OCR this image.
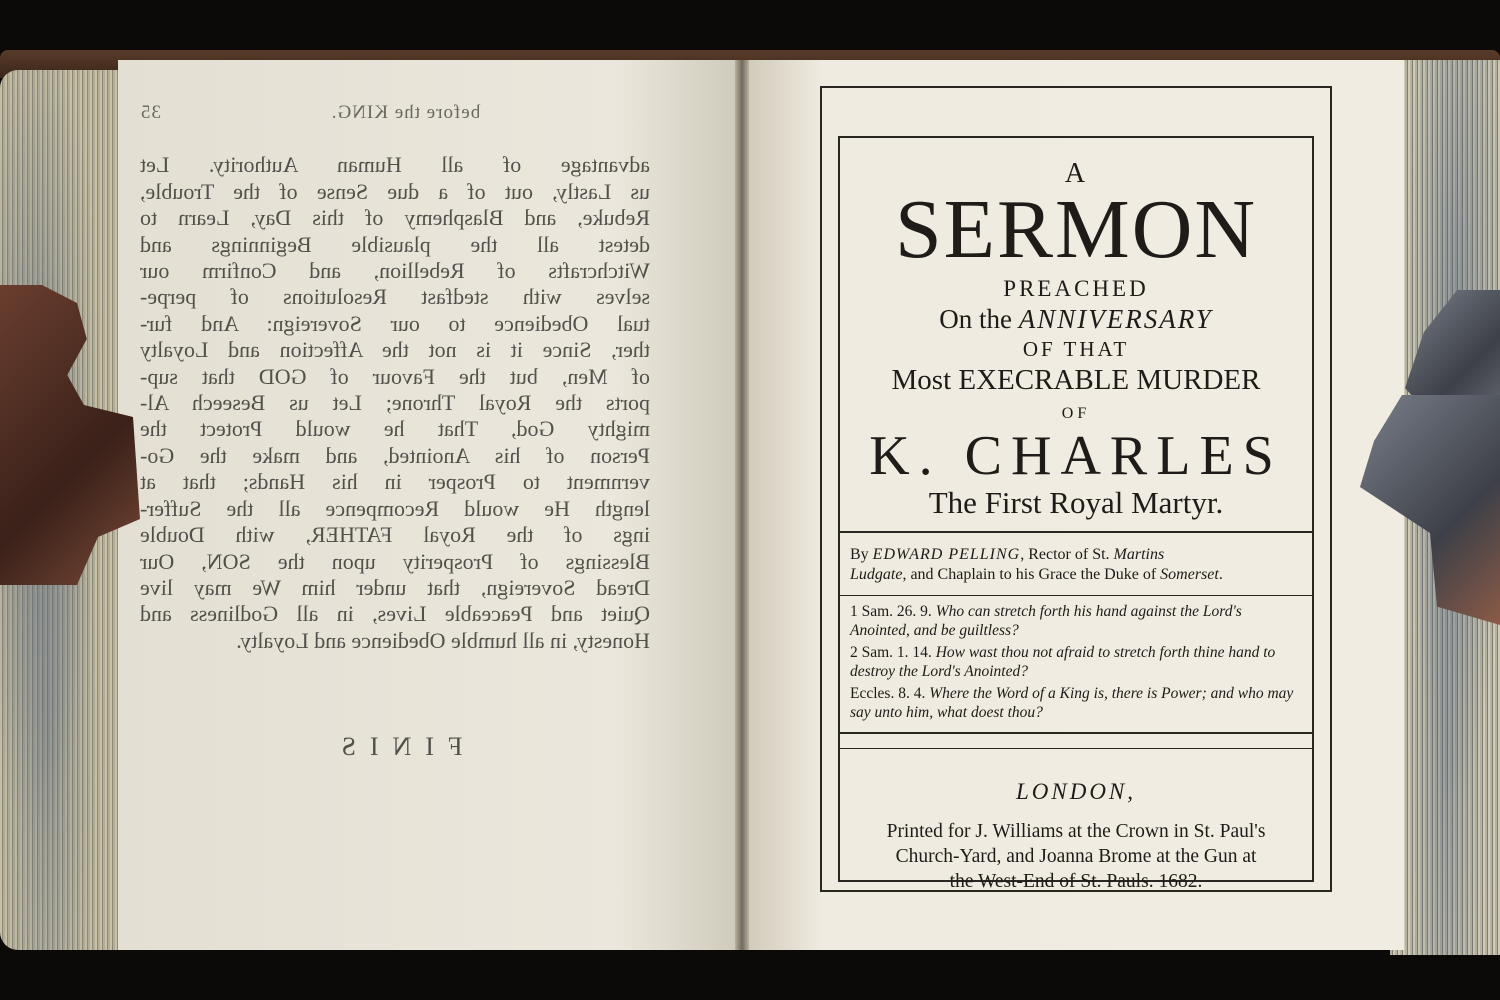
before the KING.
35
advantage of all Human Authority. Let
us Lastly, out of a due Sense of the Trouble,
Rebuke, and Blasphemy of this Day, Learn to
detest all the plausible Beginnings and
Witchcrafts of Rebellion, and Confirm our
selves with stedfast Resolutions of perpe-
tual Obedience to our Sovereign: And fur-
ther, Since it is not the Affection and Loyalty
of Men, but the Favour of GOD that sup-
ports the Royal Throne; Let us Beseech Al-
mighty God, That he would Protect the
Person of his Anointed, and make the Go-
vernment to Prosper in his Hands; that at
length He would Recompence all the Suffer-
ings of the Royal FATHER, with Double
Blessings of Prosperity upon the SON, Our
Dread Sovereign, that under him We may live
Quiet and Peaceable Lives, in all Godliness and
Honesty, in all humble Obedience and Loyalty.
FINIS
A
SERMON
PREACHED
On the ANNIVERSARY
OF THAT
Most EXECRABLE MURDER
OF
K. CHARLES
The First Royal Martyr.
By EDWARD PELLING, Rector of St. Martins
Ludgate, and Chaplain to his Grace the Duke of Somerset.
1 Sam. 26. 9. Who can stretch forth his hand against the Lord's Anointed, and be guiltless?
2 Sam. 1. 14. How wast thou not afraid to stretch forth thine hand to destroy the Lord's Anointed?
Eccles. 8. 4. Where the Word of a King is, there is Power; and who may say unto him, what doest thou?
LONDON,
Printed for J. Williams at the Crown in St. Paul's
Church-Yard, and Joanna Brome at the Gun at
the West-End of St. Pauls. 1682.
